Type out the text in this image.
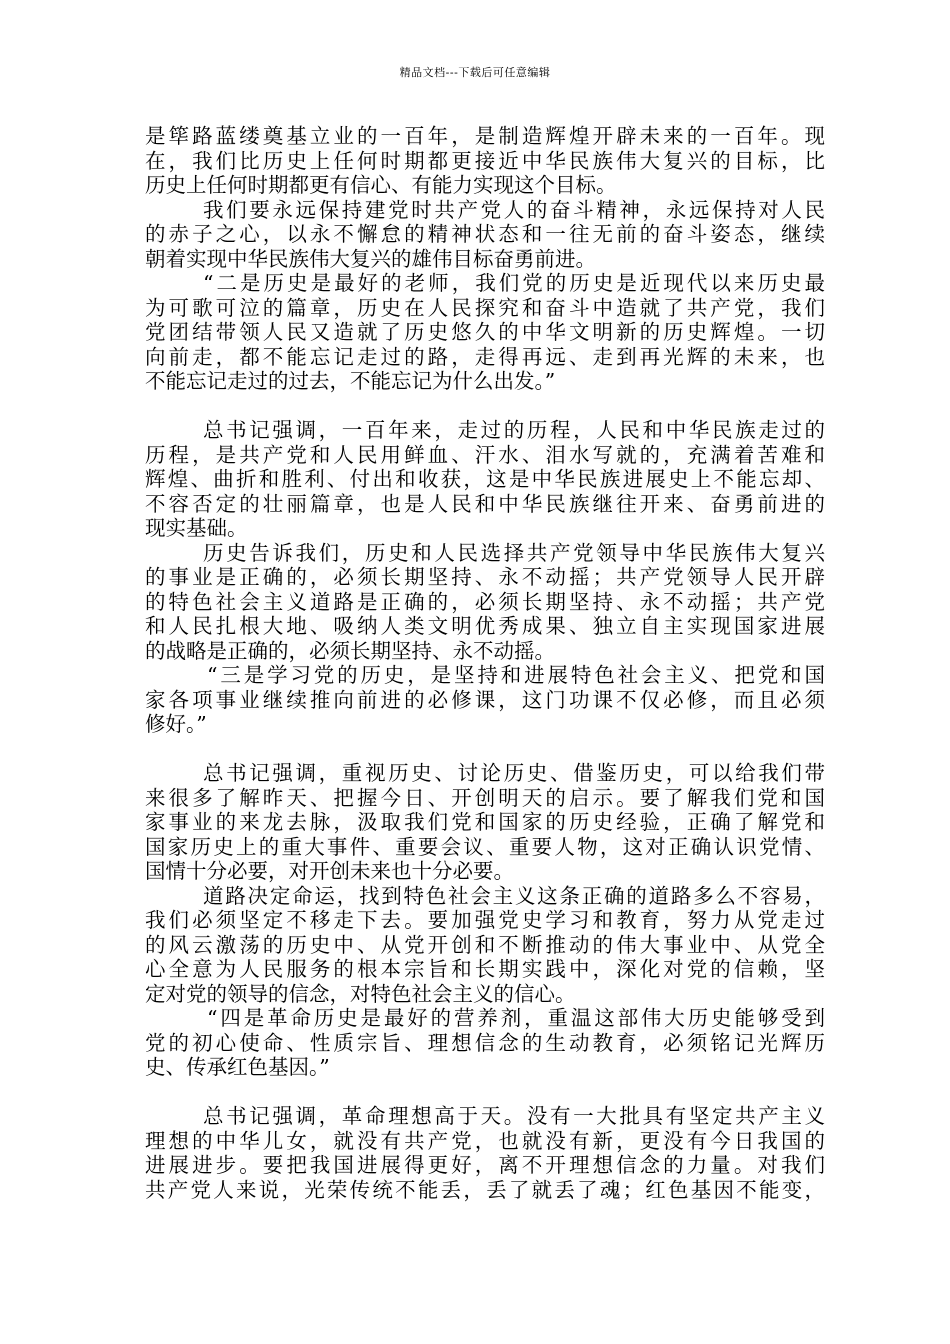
精品文档---下载后可任意编辑
是筚路蓝缕奠基立业的一百年，是制造辉煌开辟未来的一百年。现
在，我们比历史上任何时期都更接近中华民族伟大复兴的目标，比
历史上任何时期都更有信心、有能力实现这个目标。
我们要永远保持建党时共产党人的奋斗精神，永远保持对人民
的赤子之心，以永不懈怠的精神状态和一往无前的奋斗姿态，继续
朝着实现中华民族伟大复兴的雄伟目标奋勇前进。
“二是历史是最好的老师，我们党的历史是近现代以来历史最
为可歌可泣的篇章，历史在人民探究和奋斗中造就了共产党，我们
党团结带领人民又造就了历史悠久的中华文明新的历史辉煌。一切
向前走，都不能忘记走过的路，走得再远、走到再光辉的未来，也
不能忘记走过的过去，不能忘记为什么出发。”
总书记强调，一百年来，走过的历程，人民和中华民族走过的
历程，是共产党和人民用鲜血、汗水、泪水写就的，充满着苦难和
辉煌、曲折和胜利、付出和收获，这是中华民族进展史上不能忘却、
不容否定的壮丽篇章，也是人民和中华民族继往开来、奋勇前进的
现实基础。
历史告诉我们，历史和人民选择共产党领导中华民族伟大复兴
的事业是正确的，必须长期坚持、永不动摇；共产党领导人民开辟
的特色社会主义道路是正确的，必须长期坚持、永不动摇；共产党
和人民扎根大地、吸纳人类文明优秀成果、独立自主实现国家进展
的战略是正确的，必须长期坚持、永不动摇。
“三是学习党的历史，是坚持和进展特色社会主义、把党和国
家各项事业继续推向前进的必修课，这门功课不仅必修，而且必须
修好。”
总书记强调，重视历史、讨论历史、借鉴历史，可以给我们带
来很多了解昨天、把握今日、开创明天的启示。要了解我们党和国
家事业的来龙去脉，汲取我们党和国家的历史经验，正确了解党和
国家历史上的重大事件、重要会议、重要人物，这对正确认识党情、
国情十分必要，对开创未来也十分必要。
道路决定命运，找到特色社会主义这条正确的道路多么不容易，
我们必须坚定不移走下去。要加强党史学习和教育，努力从党走过
的风云激荡的历史中、从党开创和不断推动的伟大事业中、从党全
心全意为人民服务的根本宗旨和长期实践中，深化对党的信赖，坚
定对党的领导的信念，对特色社会主义的信心。
“四是革命历史是最好的营养剂，重温这部伟大历史能够受到
党的初心使命、性质宗旨、理想信念的生动教育，必须铭记光辉历
史、传承红色基因。”
总书记强调，革命理想高于天。没有一大批具有坚定共产主义
理想的中华儿女，就没有共产党，也就没有新，更没有今日我国的
进展进步。要把我国进展得更好，离不开理想信念的力量。对我们
共产党人来说，光荣传统不能丢，丢了就丢了魂；红色基因不能变，
